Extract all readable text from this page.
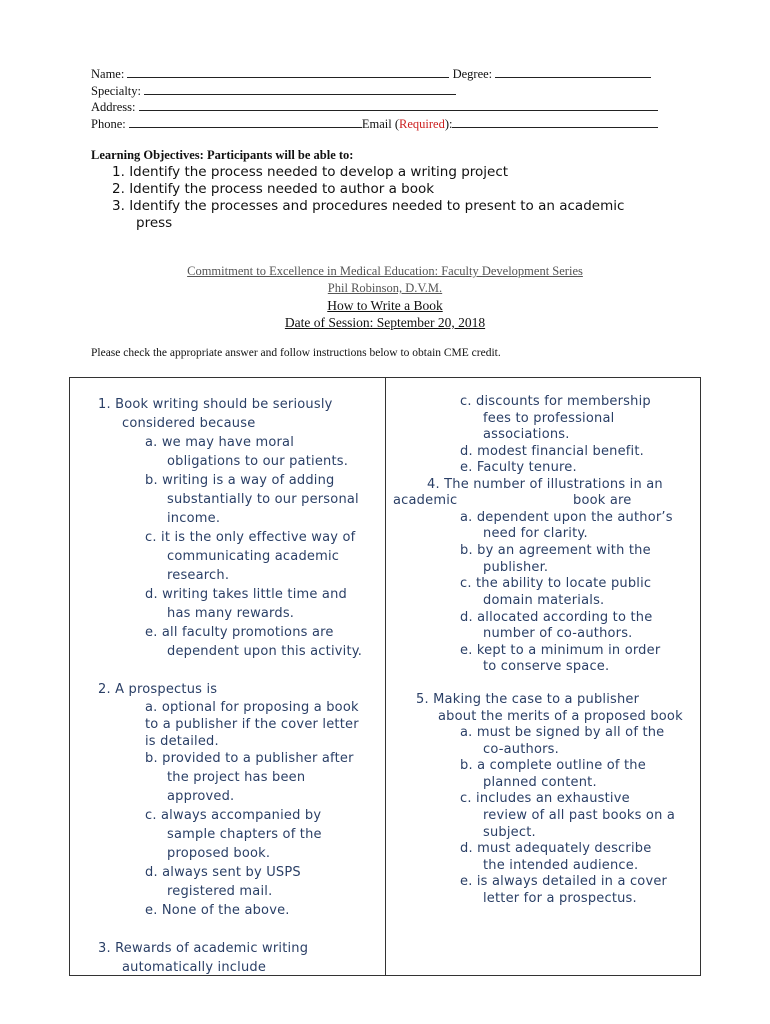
Name:	Degree:
Specialty:
Address:
Phone:	Email (Required):
Learning Objectives: Participants will be able to:
1. Identify the process needed to develop a writing project
2. Identify the process needed to author a book
3. Identify the processes and procedures needed to present to an academic
press
Commitment to Excellence in Medical Education: Faculty Development Series
Phil Robinson, D.V.M.
How to Write a Book
Date of Session: September 20, 2018
Please check the appropriate answer and follow instructions below to obtain CME credit.
1. Book writing should be seriously
considered because
a. we may have moral
obligations to our patients.
b. writing is a way of adding
substantially to our personal
income.
c. it is the only effective way of
communicating academic
research.
d. writing takes little time and
has many rewards.
e. all faculty promotions are
dependent upon this activity.
2. A prospectus is
a. optional for proposing a book
to a publisher if the cover letter
is detailed.
b. provided to a publisher after
the project has been
approved.
c. always accompanied by
sample chapters of the
proposed book.
d. always sent by USPS
registered mail.
e. None of the above.
3. Rewards of academic writing
automatically include
c. discounts for membership
fees to professional
associations.
d. modest financial benefit.
e. Faculty tenure.
4. The number of illustrations in an
academic	book are
a. dependent upon the author’s
need for clarity.
b. by an agreement with the
publisher.
c. the ability to locate public
domain materials.
d. allocated according to the
number of co-authors.
e. kept to a minimum in order
to conserve space.
5. Making the case to a publisher
about the merits of a proposed book
a. must be signed by all of the
co-authors.
b. a complete outline of the
planned content.
c. includes an exhaustive
review of all past books on a
subject.
d. must adequately describe
the intended audience.
e. is always detailed in a cover
letter for a prospectus.
